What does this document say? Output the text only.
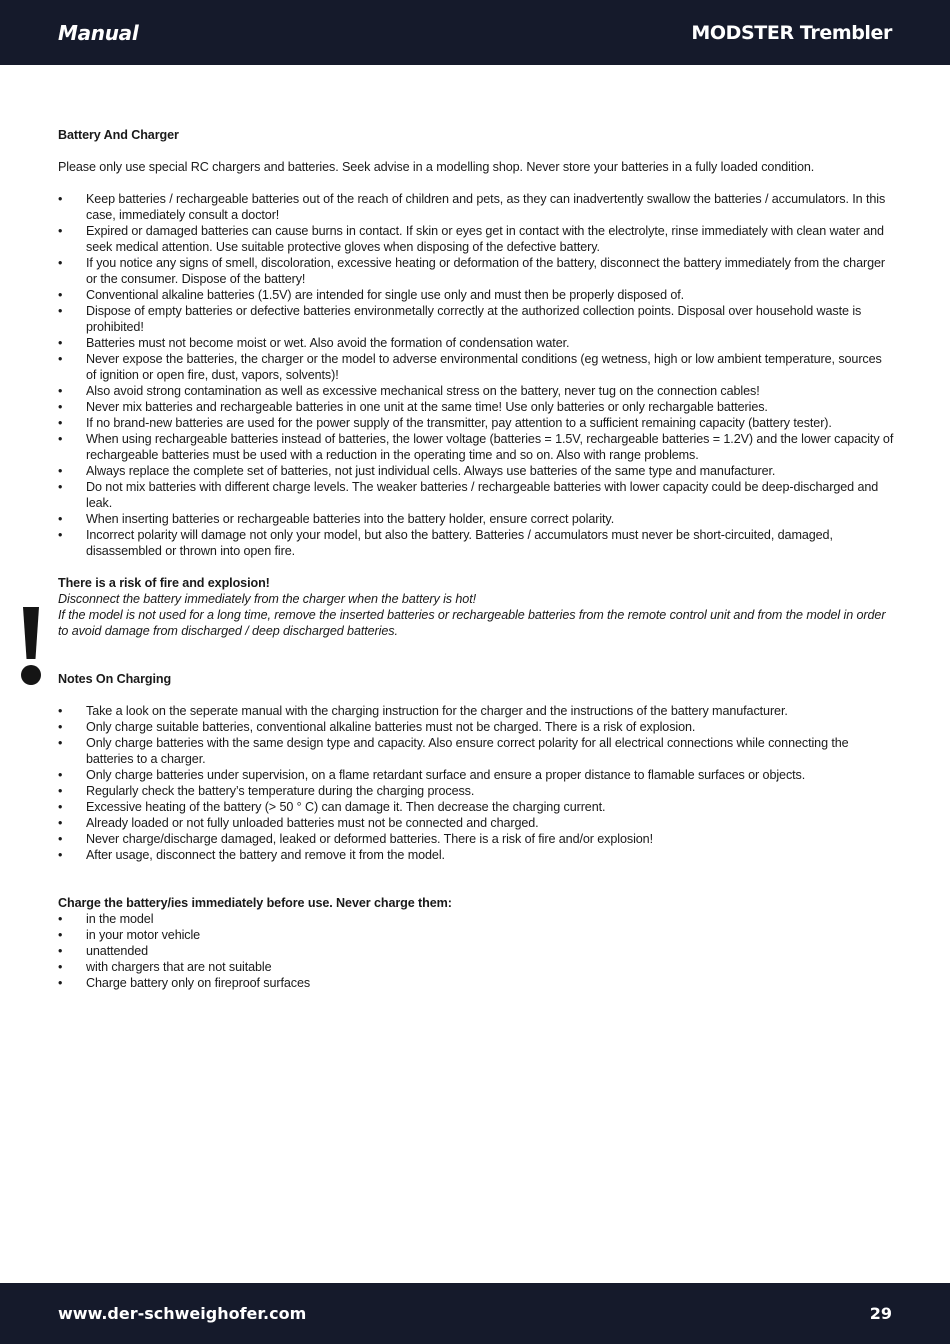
Manual	MODSTER Trembler
Battery And Charger
Please only use special RC chargers and batteries. Seek advise in a modelling shop. Never store your batteries in a fully loaded condition.
• Keep batteries / rechargeable batteries out of the reach of children and pets, as they can inadvertently swallow the batteries / accumulators. In this case, immediately consult a doctor!
• Expired or damaged batteries can cause burns in contact. If skin or eyes get in contact with the electrolyte, rinse immediately with clean water and seek medical attention. Use suitable protective gloves when disposing of the defective battery.
• If you notice any signs of smell, discoloration, excessive heating or deformation of the battery, disconnect the battery immediately from the charger or the consumer. Dispose of the battery!
• Conventional alkaline batteries (1.5V) are intended for single use only and must then be properly disposed of.
• Dispose of empty batteries or defective batteries environmetally correctly at the authorized collection points. Disposal over household waste is prohibited!
• Batteries must not become moist or wet. Also avoid the formation of condensation water.
• Never expose the batteries, the charger or the model to adverse environmental conditions (eg wetness, high or low ambient temperature, sources of ignition or open fire, dust, vapors, solvents)!
• Also avoid strong contamination as well as excessive mechanical stress on the battery, never tug on the connection cables!
• Never mix batteries and rechargeable batteries in one unit at the same time! Use only batteries or only rechargable batteries.
• If no brand-new batteries are used for the power supply of the transmitter, pay attention to a sufficient remaining capacity (battery tester).
• When using rechargeable batteries instead of batteries, the lower voltage (batteries = 1.5V, rechargeable batteries = 1.2V) and the lower capacity of rechargeable batteries must be used with a reduction in the operating time and so on. Also with range problems.
• Always replace the complete set of batteries, not just individual cells. Always use batteries of the same type and manufacturer.
• Do not mix batteries with different charge levels. The weaker batteries / rechargeable batteries with lower capacity could be deep-discharged and leak.
• When inserting batteries or rechargeable batteries into the battery holder, ensure correct polarity.
• Incorrect polarity will damage not only your model, but also the battery. Batteries / accumulators must never be short-circuited, damaged, disassembled or thrown into open fire.
There is a risk of fire and explosion!
Disconnect the battery immediately from the charger when the battery is hot!
If the model is not used for a long time, remove the inserted batteries or rechargeable batteries from the remote control unit and from the model in order to avoid damage from discharged / deep discharged batteries.
Notes On Charging
• Take a look on the seperate manual with the charging instruction for the charger and the instructions of the battery manufacturer.
• Only charge suitable batteries, conventional alkaline batteries must not be charged. There is a risk of explosion.
• Only charge batteries with the same design type and capacity. Also ensure correct polarity for all electrical connections while connecting the batteries to a charger.
• Only charge batteries under supervision, on a flame retardant surface and ensure a proper distance to flamable surfaces or objects.
• Regularly check the battery’s temperature during the charging process.
• Excessive heating of the battery (> 50 ° C) can damage it. Then decrease the charging current.
• Already loaded or not fully unloaded batteries must not be connected and charged.
• Never charge/discharge damaged, leaked or deformed batteries. There is a risk of fire and/or explosion!
• After usage, disconnect the battery and remove it from the model.
Charge the battery/ies immediately before use. Never charge them:
• in the model
• in your motor vehicle
• unattended
• with chargers that are not suitable
• Charge battery only on fireproof surfaces
www.der-schweighofer.com	29
